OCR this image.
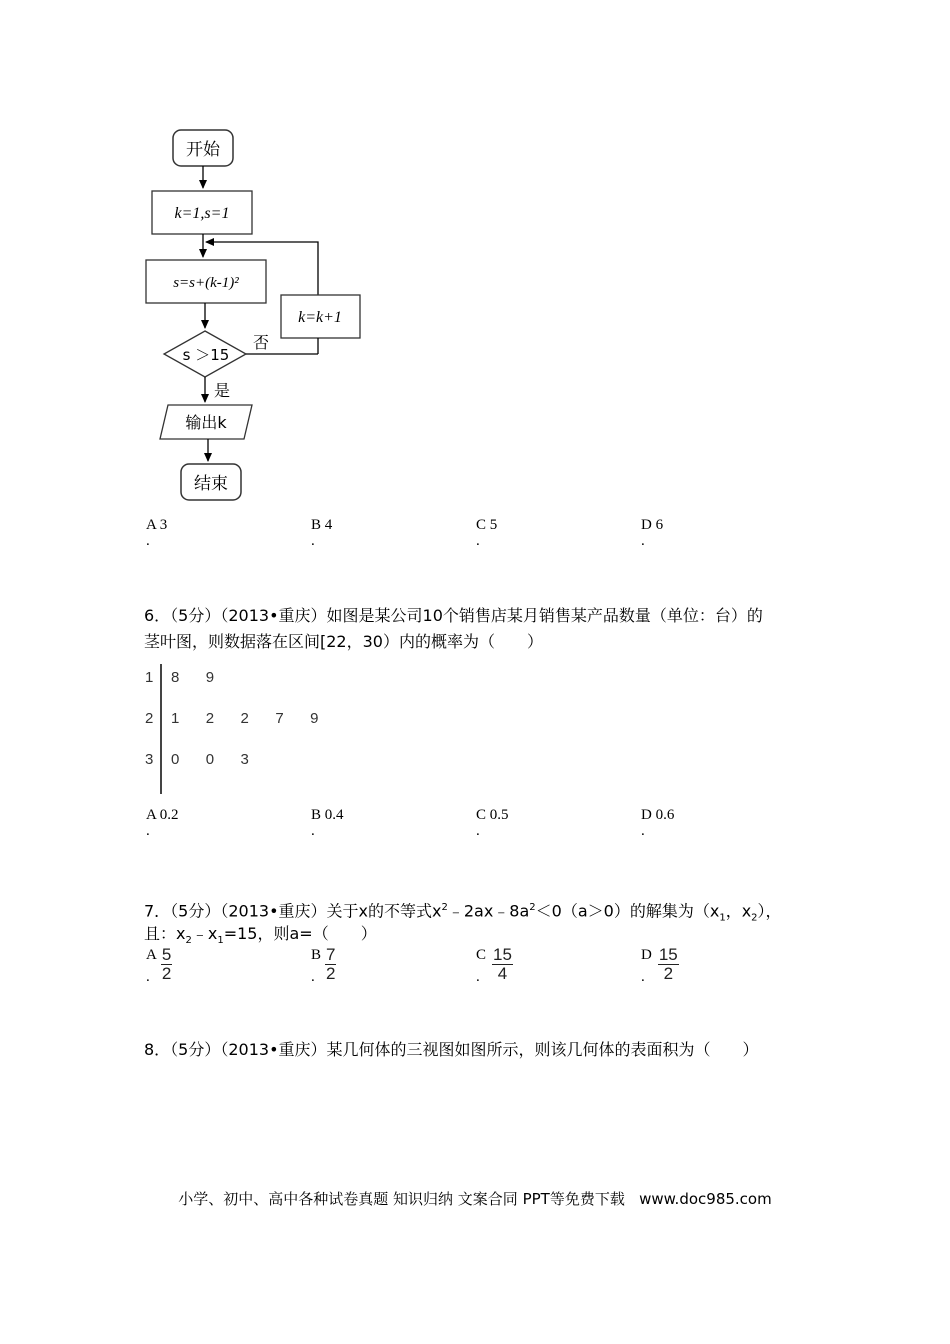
开始
k=1,s=1
s=s+(k-1)²
k=k+1
s ＞15
否
是
输出k
结束
A 3
.
B 4
.
C 5
.
D 6
.
6．（5分）（2013•重庆）如图是某公司10个销售店某月销售某产品数量（单位：台）的
茎叶图，则数据落在区间[22，30）内的概率为（　　）
1	8	9			
2	1	2	2	7	9
3	0	0	3		
A 0.2
.
B 0.4
.
C 0.5
.
D 0.6
.
7．（5分）（2013•重庆）关于x的不等式$x^2﹣2ax﹣8a^2<0(a>0)$的解集为（$x_1$，$x_2$），
且：$x_2﹣x_1=15$，则a=（　　）
A
. $\frac{5}{2}$	B
. $\frac{7}{2}$	C
. $\frac{15}{4}$	D
. $\frac{15}{2}$
8．（5分）（2013•重庆）某几何体的三视图如图所示，则该几何体的表面积为（　　）
小学、初中、高中各种试卷真题 知识归纳 文案合同 PPT等免费下载   www.doc985.com
